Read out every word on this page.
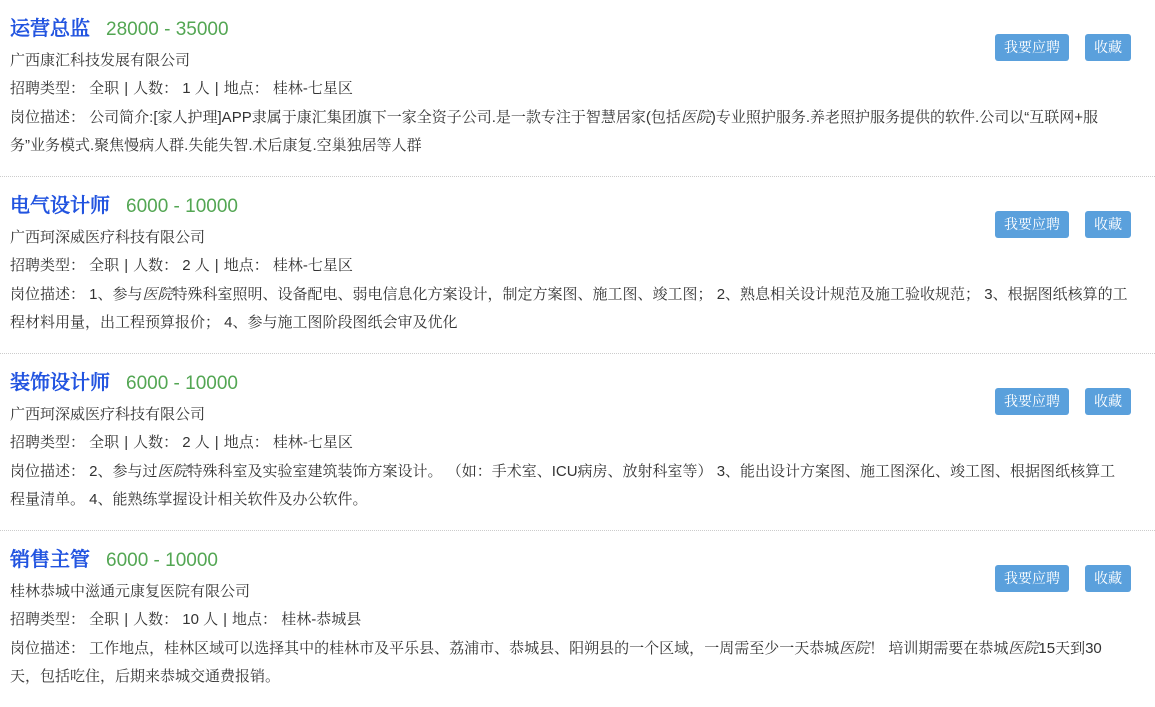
运营总监 28000 - 35000
广西康汇科技发展有限公司
招聘类型： 全职 | 人数： 1 人 | 地点： 桂林-七星区
岗位描述： 公司简介:[家人护理]APP隶属于康汇集团旗下一家全资子公司.是一款专注于智慧居家(包括医院)专业照护服务.养老照护服务提供的软件.公司以“互联网+服务”业务模式.聚焦慢病人群.失能失智.术后康复.空巢独居等人群
我要应聘	收藏
电气设计师 6000 - 10000
广西珂深威医疗科技有限公司
招聘类型： 全职 | 人数： 2 人 | 地点： 桂林-七星区
岗位描述： 1、参与医院特殊科室照明、设备配电、弱电信息化方案设计，制定方案图、施工图、竣工图； 2、熟息相关设计规范及施工验收规范； 3、根据图纸核算的工程材料用量，出工程预算报价； 4、参与施工图阶段图纸会审及优化
我要应聘	收藏
装饰设计师 6000 - 10000
广西珂深威医疗科技有限公司
招聘类型： 全职 | 人数： 2 人 | 地点： 桂林-七星区
岗位描述： 2、参与过医院特殊科室及实验室建筑装饰方案设计。 （如：手术室、ICU病房、放射科室等） 3、能出设计方案图、施工图深化、竣工图、根据图纸核算工程量清单。 4、能熟练掌握设计相关软件及办公软件。
我要应聘	收藏
销售主管 6000 - 10000
桂林恭城中滋通元康复医院有限公司
招聘类型： 全职 | 人数： 10 人 | 地点： 桂林-恭城县
岗位描述： 工作地点，桂林区域可以选择其中的桂林市及平乐县、荔浦市、恭城县、阳朔县的一个区域，一周需至少一天恭城医院！ 培训期需要在恭城医院15天到30天，包括吃住，后期来恭城交通费报销。
我要应聘	收藏
